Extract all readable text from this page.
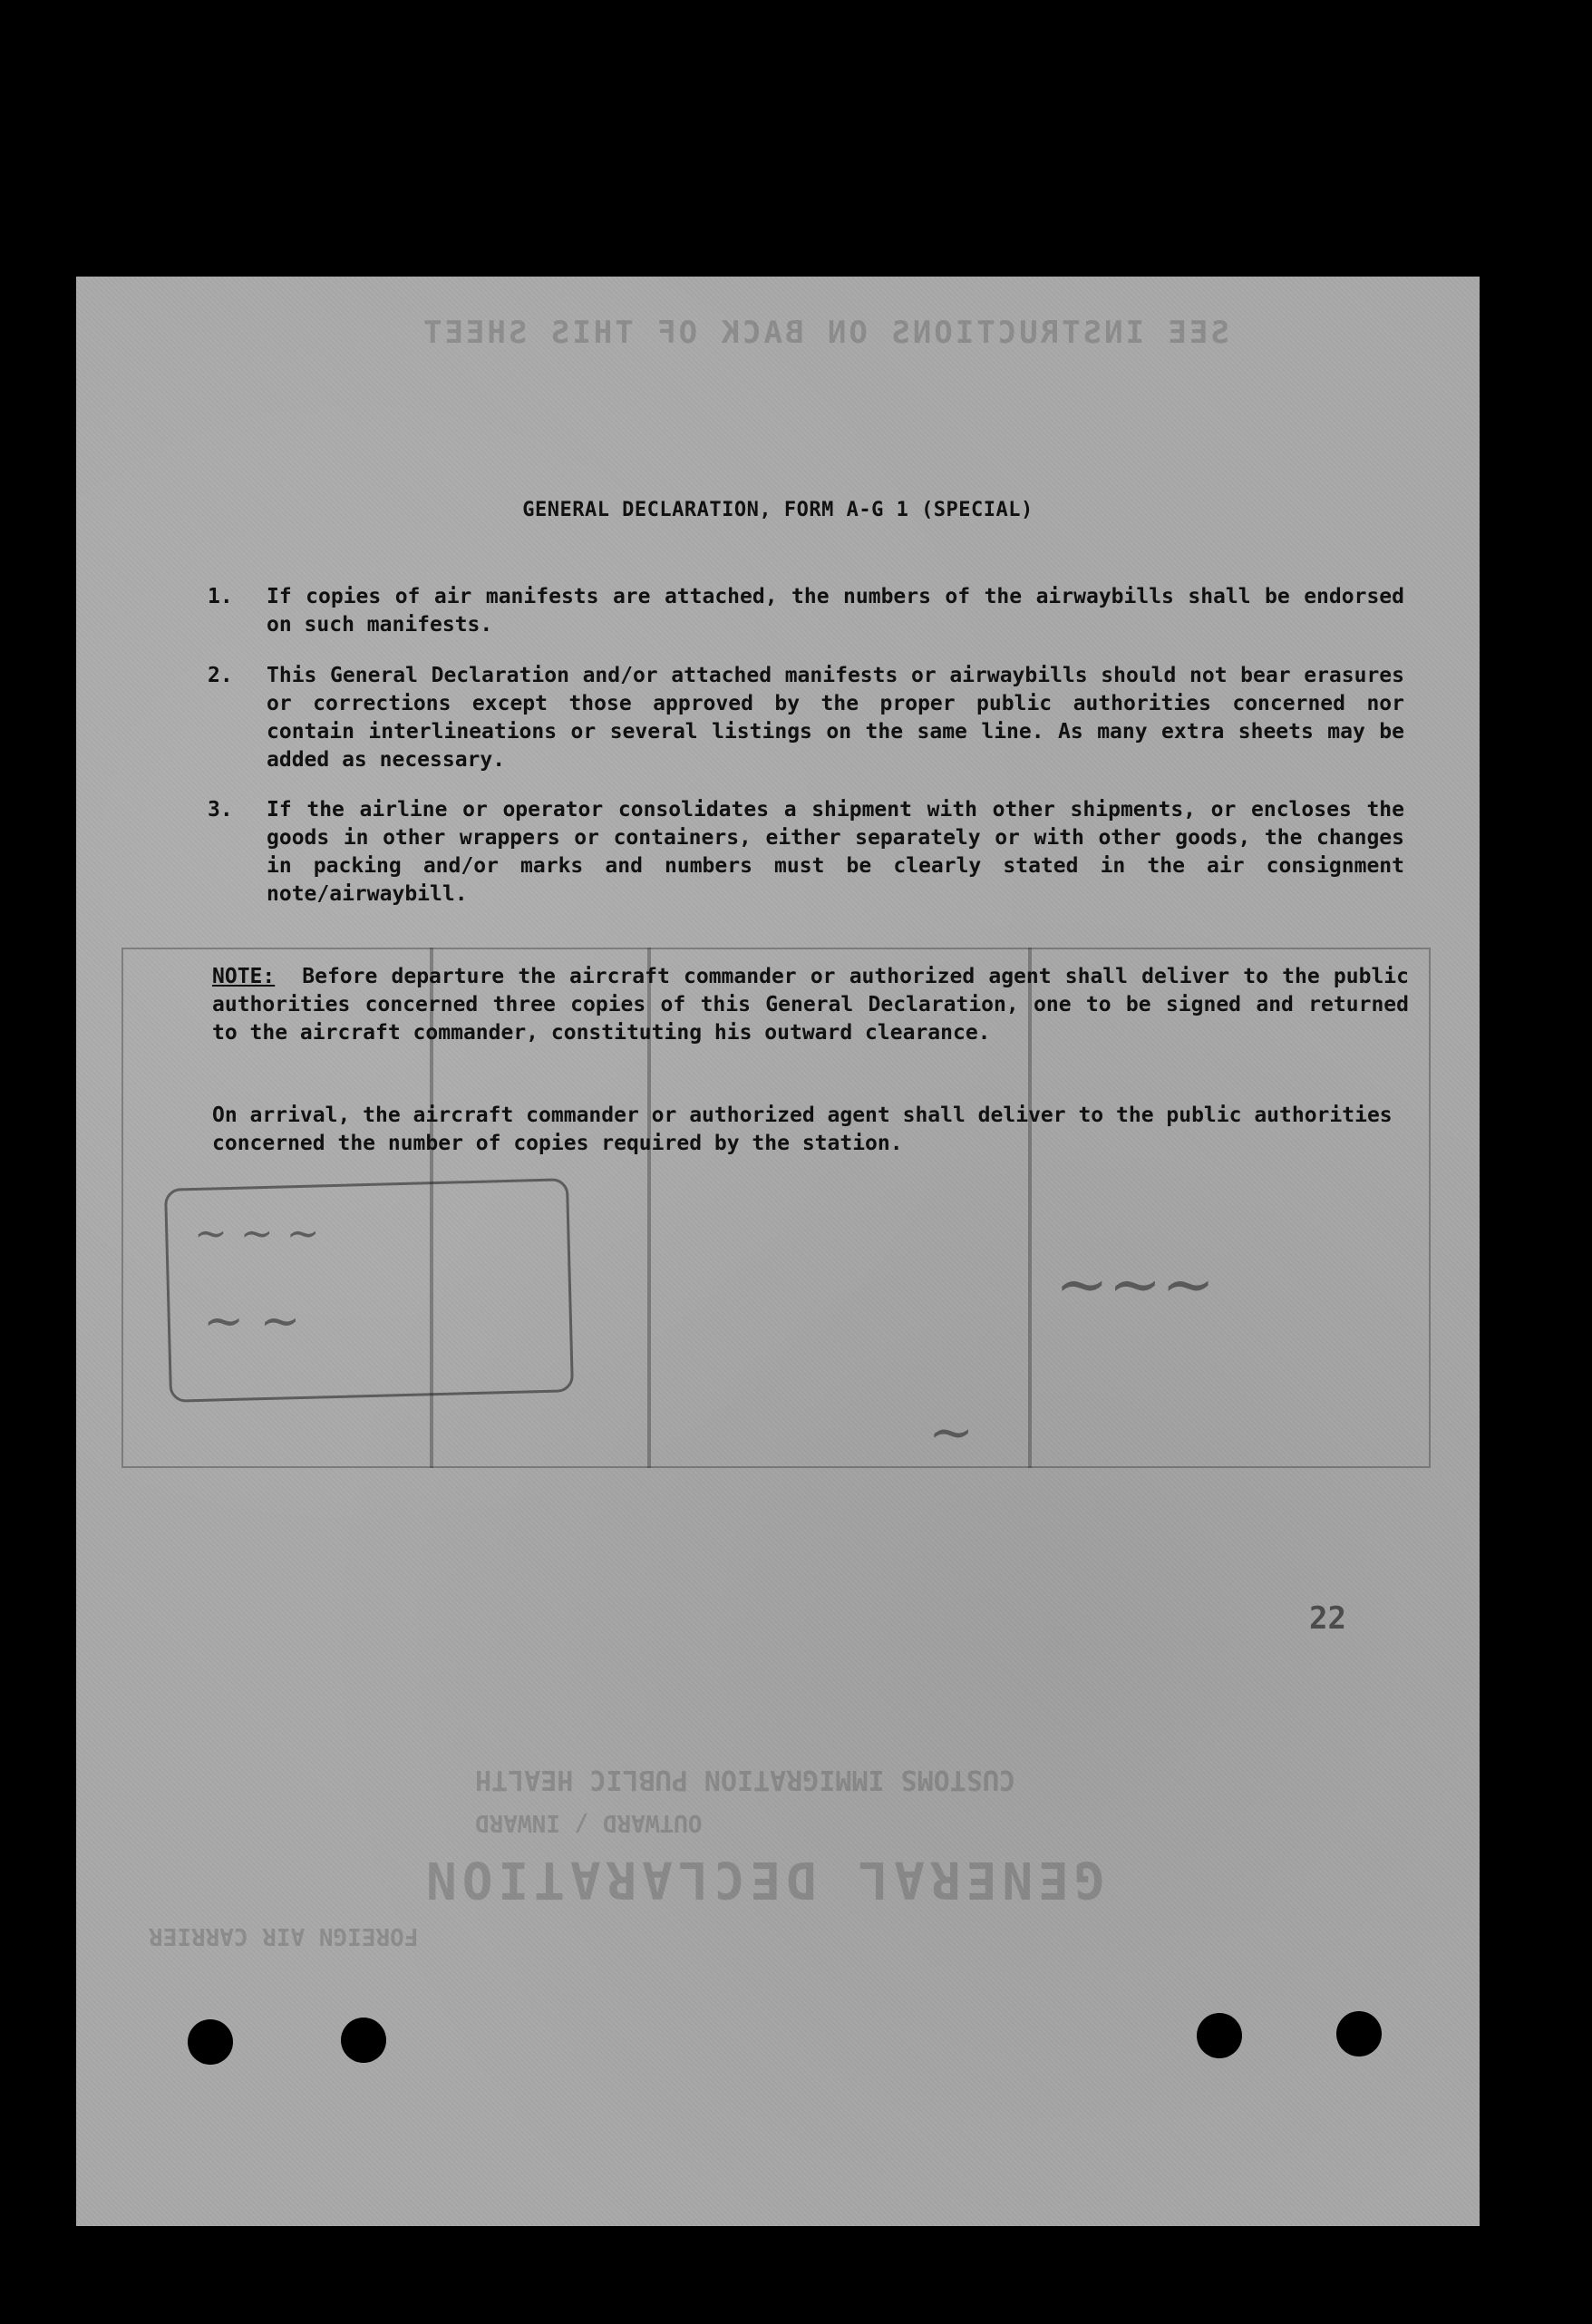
SEE INSTRUCTIONS ON BACK OF THIS SHEET
CUSTOMS IMMIGRATION PUBLIC HEALTH
OUTWARD / INWARD
GENERAL DECLARATION
FOREIGN AIR CARRIER
~ ~ ~
~ ~	~~~
~
22
GENERAL DECLARATION, FORM A-G 1 (SPECIAL)
1.	If copies of air manifests are attached, the numbers of the airwaybills shall be endorsed on such manifests.
2.	This General Declaration and/or attached manifests or airwaybills should not bear erasures or corrections except those approved by the proper public authorities concerned nor contain interlineations or several listings on the same line. As many extra sheets may be added as necessary.
3.	If the airline or operator consolidates a shipment with other shipments, or encloses the goods in other wrappers or containers, either separately or with other goods, the changes in packing and/or marks and numbers must be clearly stated in the air consignment note/airwaybill.
NOTE: Before departure the aircraft commander or authorized agent shall deliver to the public authorities concerned three copies of this General Declaration, one to be signed and returned to the aircraft commander, constituting his outward clearance.
On arrival, the aircraft commander or authorized agent shall deliver to the public authorities concerned the number of copies required by the station.
